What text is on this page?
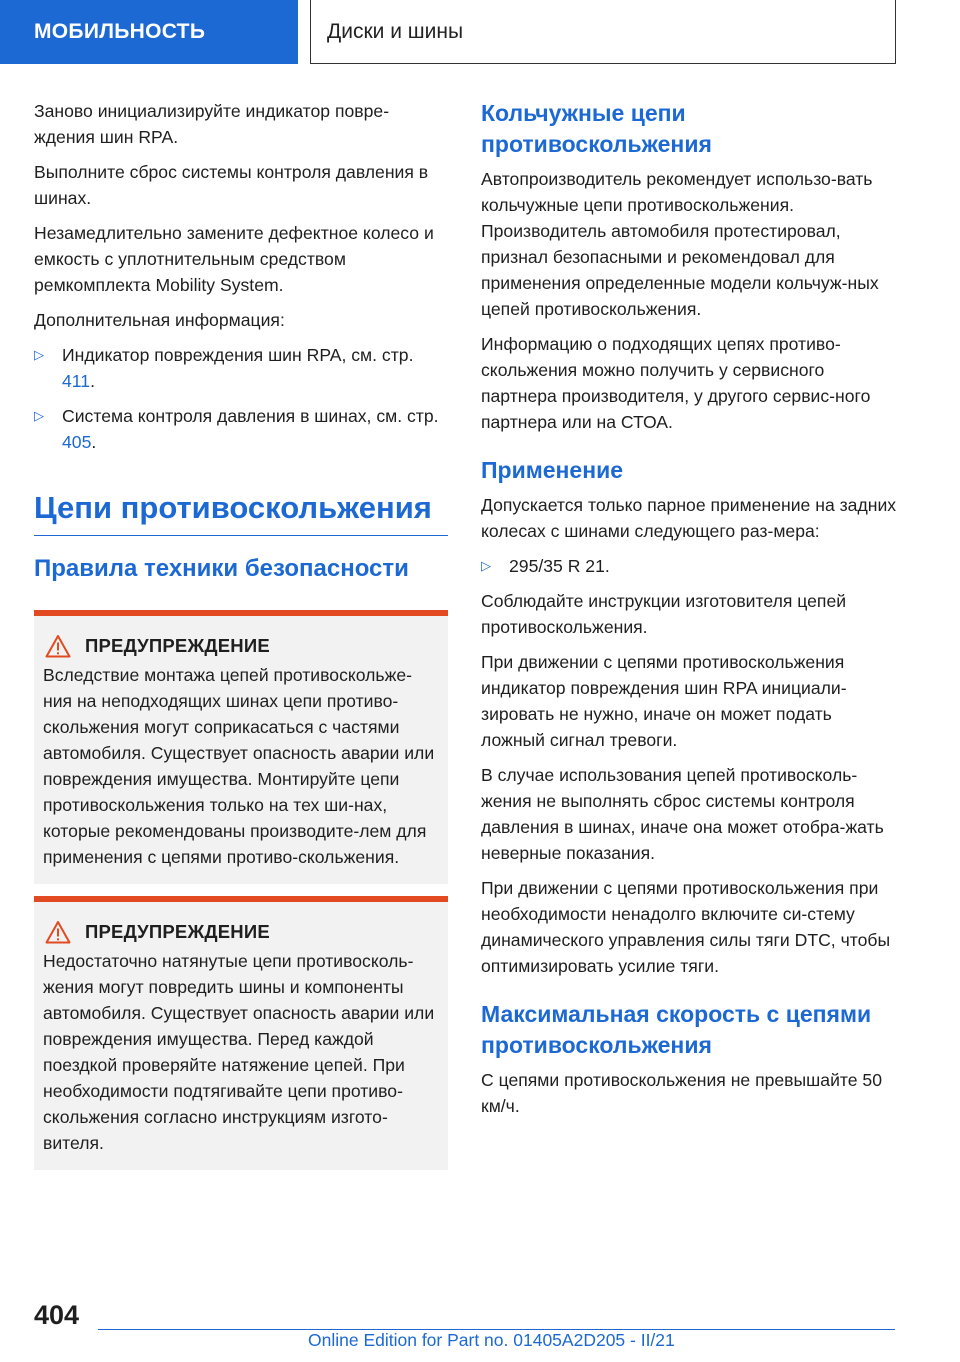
МОБИЛЬНОСТЬ	Диски и шины

Заново инициализируйте индикатор повре-ждения шин RPA.

Выполните сброс системы контроля давления в шинах.

Незамедлительно замените дефектное колесо и емкость с уплотнительным средством ремкомплекта Mobility System.

Дополнительная информация:

▷ Индикатор повреждения шин RPA, см. стр. 411.
▷ Система контроля давления в шинах, см. стр. 405.
Цепи противоскольжения
Правила техники безопасности
ПРЕДУПРЕЖДЕНИЕ

Вследствие монтажа цепей противоскольже-ния на неподходящих шинах цепи противо-скольжения могут соприкасаться с частями автомобиля. Существует опасность аварии или повреждения имущества. Монтируйте цепи противоскольжения только на тех ши-нах, которые рекомендованы производите-лем для применения с цепями противо-скольжения.

ПРЕДУПРЕЖДЕНИЕ

Недостаточно натянутые цепи противосколь-жения могут повредить шины и компоненты автомобиля. Существует опасность аварии или повреждения имущества. Перед каждой поездкой проверяйте натяжение цепей. При необходимости подтягивайте цепи противо-скольжения согласно инструкциям изгото-вителя.

Кольчужные цепи противоскольжения

Автопроизводитель рекомендует использо-вать кольчужные цепи противоскольжения. Производитель автомобиля протестировал, признал безопасными и рекомендовал для применения определенные модели кольчуж-ных цепей противоскольжения.

Информацию о подходящих цепях противо-скольжения можно получить у сервисного партнера производителя, у другого сервис-ного партнера или на СТОА.

Применение

Допускается только парное применение на задних колесах с шинами следующего раз-мера:

▷ 295/35 R 21.

Соблюдайте инструкции изготовителя цепей противоскольжения.

При движении с цепями противоскольжения индикатор повреждения шин RPA инициали-зировать не нужно, иначе он может подать ложный сигнал тревоги.

В случае использования цепей противосколь-жения не выполнять сброс системы контроля давления в шинах, иначе она может отобра-жать неверные показания.

При движении с цепями противоскольжения при необходимости ненадолго включите си-стему динамического управления силы тяги DTC, чтобы оптимизировать усилие тяги.

Максимальная скорость с цепями противоскольжения

С цепями противоскольжения не превышайте 50 км/ч.

404
Online Edition for Part no. 01405A2D205 - II/21
